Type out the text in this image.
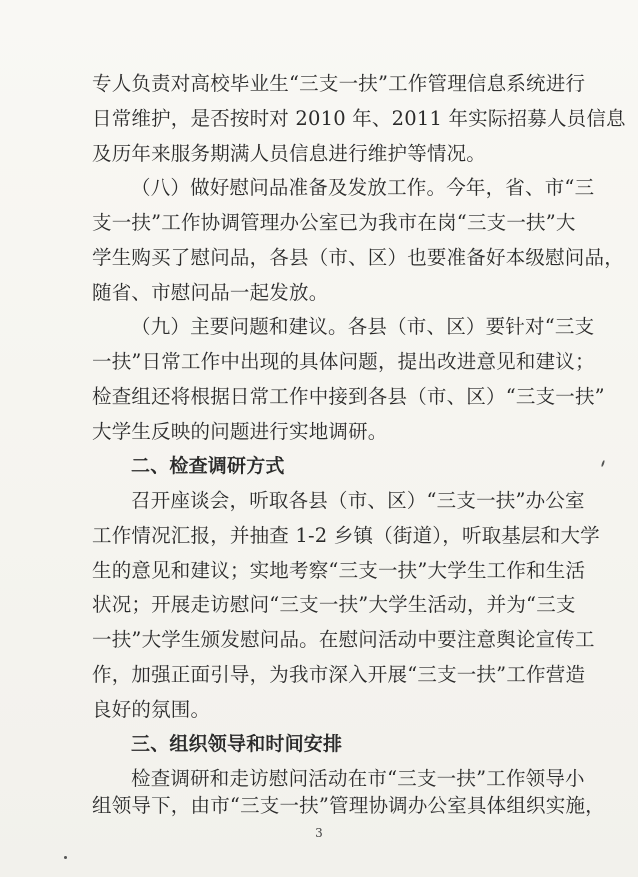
专人负责对高校毕业生“三支一扶”工作管理信息系统进行
日常维护，是否按时对 2010 年、2011 年实际招募人员信息
及历年来服务期满人员信息进行维护等情况。
（八）做好慰问品准备及发放工作。今年，省、市“三
支一扶”工作协调管理办公室已为我市在岗“三支一扶”大
学生购买了慰问品，各县（市、区）也要准备好本级慰问品，
随省、市慰问品一起发放。
（九）主要问题和建议。各县（市、区）要针对“三支
一扶”日常工作中出现的具体问题，提出改进意见和建议；
检查组还将根据日常工作中接到各县（市、区）“三支一扶”
大学生反映的问题进行实地调研。
二、检查调研方式
召开座谈会，听取各县（市、区）“三支一扶”办公室
工作情况汇报，并抽查 1-2 乡镇（街道），听取基层和大学
生的意见和建议；实地考察“三支一扶”大学生工作和生活
状况；开展走访慰问“三支一扶”大学生活动，并为“三支
一扶”大学生颁发慰问品。在慰问活动中要注意舆论宣传工
作，加强正面引导，为我市深入开展“三支一扶”工作营造
良好的氛围。
三、组织领导和时间安排
检查调研和走访慰问活动在市“三支一扶”工作领导小
3
组领导下，由市“三支一扶”管理协调办公室具体组织实施，
